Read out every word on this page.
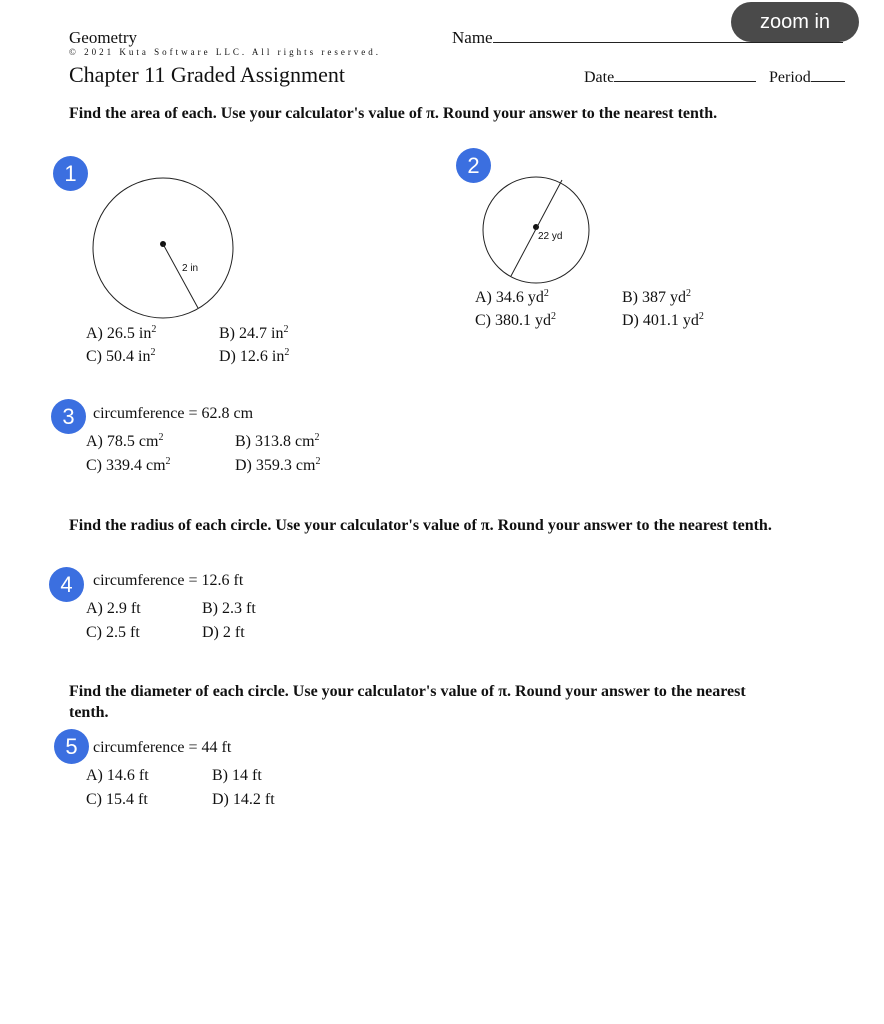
Geometry
© 2021 Kuta Software LLC. All rights reserved.
Chapter 11 Graded Assignment
Name
Date	Period
zoom in
Find the area of each. Use your calculator's value of π. Round your answer to the nearest tenth.
1
2 in
A) 26.5 $in^2$	B) 24.7 $in^2$
C) 50.4 $in^2$	D) 12.6 $in^2$
2
22 yd
A) 34.6 $yd^2$	B) 387 $yd^2$
C) 380.1 $yd^2$	D) 401.1 $yd^2$
3	circumference = 62.8 cm
A) 78.5 $cm^2$	B) 313.8 $cm^2$
C) 339.4 $cm^2$	D) 359.3 $cm^2$
Find the radius of each circle. Use your calculator's value of π. Round your answer to the nearest tenth.
4	circumference = 12.6 ft
A) 2.9 ft	B) 2.3 ft
C) 2.5 ft	D) 2 ft
Find the diameter of each circle. Use your calculator's value of π. Round your answer to the nearest tenth.
5 circumference = 44 ft
A) 14.6 ft	B) 14 ft
C) 15.4 ft	D) 14.2 ft
